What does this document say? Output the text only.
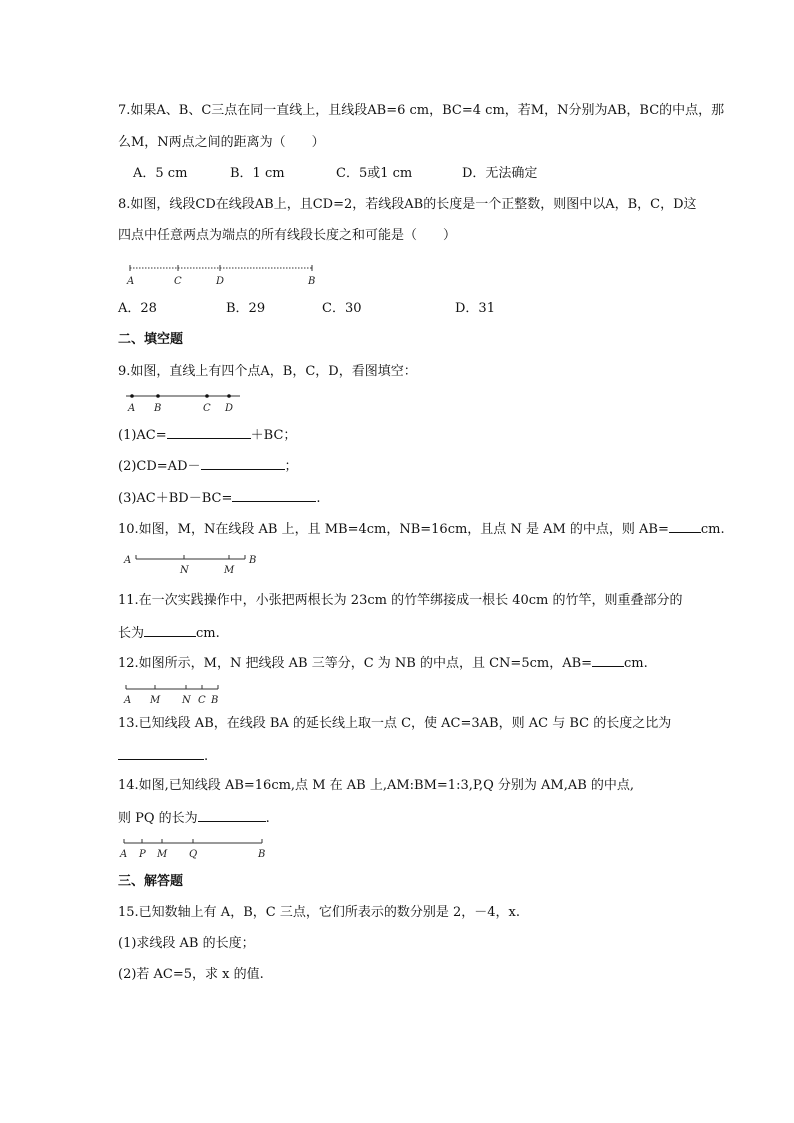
7.如果A、B、C三点在同一直线上，且线段AB=6 cm，BC=4 cm，若M，N分别为AB，BC的中点，那
么M，N两点之间的距离为（　　）
A．5 cm	B．1 cm	C．5或1 cm	D．无法确定
8.如图，线段CD在线段AB上，且CD=2，若线段AB的长度是一个正整数，则图中以A，B，C，D这
四点中任意两点为端点的所有线段长度之和可能是（　　）
A	C	D	B
A．28	B．29	C．30	D．31
二、填空题
9.如图，直线上有四个点A，B，C，D，看图填空：
A B	C D
(1)AC=	＋BC；
(2)CD=AD－	；
(3)AC＋BD－BC=	.
10.如图，M，N在线段 AB 上，且 MB=4cm，NB=16cm，且点 N 是 AM 的中点，则 AB= cm.
A
N	M
B
11.在一次实践操作中，小张把两根长为 23cm 的竹竿绑接成一根长 40cm 的竹竿，则重叠部分的
长为	cm.
12.如图所示，M，N 把线段 AB 三等分，C 为 NB 的中点，且 CN=5cm，AB= cm.
A M N C B
13.已知线段 AB，在线段 BA 的延长线上取一点 C，使 AC=3AB，则 AC 与 BC 的长度之比为
.
14.如图,已知线段 AB=16cm,点 M 在 AB 上,AM:BM=1:3,P,Q 分别为 AM,AB 的中点,
则 PQ 的长为	.
A P M Q	B
三、解答题
15.已知数轴上有 A，B，C 三点，它们所表示的数分别是 2，－4，x.
(1)求线段 AB 的长度；
(2)若 AC=5，求 x 的值.
